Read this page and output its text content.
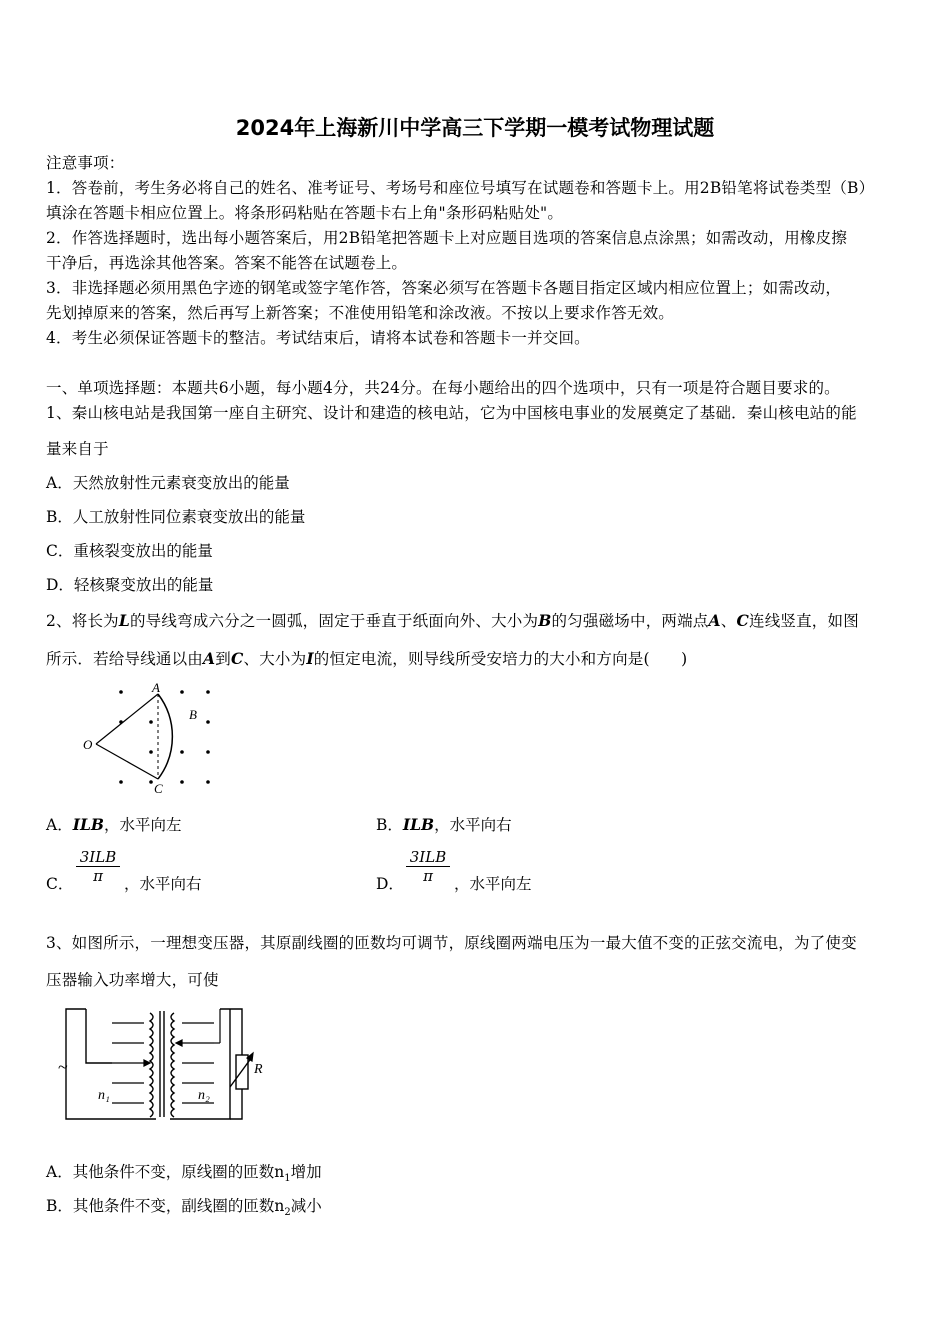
2024年上海新川中学高三下学期一模考试物理试题
注意事项：
1．答卷前，考生务必将自己的姓名、准考证号、考场号和座位号填写在试题卷和答题卡上。用2B铅笔将试卷类型（B）
填涂在答题卡相应位置上。将条形码粘贴在答题卡右上角"条形码粘贴处"。
2．作答选择题时，选出每小题答案后，用2B铅笔把答题卡上对应题目选项的答案信息点涂黑；如需改动，用橡皮擦
干净后，再选涂其他答案。答案不能答在试题卷上。
3．非选择题必须用黑色字迹的钢笔或签字笔作答，答案必须写在答题卡各题目指定区域内相应位置上；如需改动，
先划掉原来的答案，然后再写上新答案；不准使用铅笔和涂改液。不按以上要求作答无效。
4．考生必须保证答题卡的整洁。考试结束后，请将本试卷和答题卡一并交回。
一、单项选择题：本题共6小题，每小题4分，共24分。在每小题给出的四个选项中，只有一项是符合题目要求的。
1、秦山核电站是我国第一座自主研究、设计和建造的核电站，它为中国核电事业的发展奠定了基础．秦山核电站的能
量来自于
A．天然放射性元素衰变放出的能量
B．人工放射性同位素衰变放出的能量
C．重核裂变放出的能量
D．轻核聚变放出的能量
2、将长为L的导线弯成六分之一圆弧，固定于垂直于纸面向外、大小为B的匀强磁场中，两端点A、C连线竖直，如图
所示．若给导线通以由A到C、大小为I的恒定电流，则导线所受安培力的大小和方向是(　　)
A
C
O
B
A．ILB，水平向左	B．ILB，水平向右
C．
3ILB
π	，水平向右	D．
3ILB
π	，水平向左
3、如图所示，一理想变压器，其原副线圈的匝数均可调节，原线圈两端电压为一最大值不变的正弦交流电，为了使变
压器输入功率增大，可使
~
n₁	n₂
R
A．其他条件不变，原线圈的匝数$n_1$增加
B．其他条件不变，副线圈的匝数$n_2$减小
